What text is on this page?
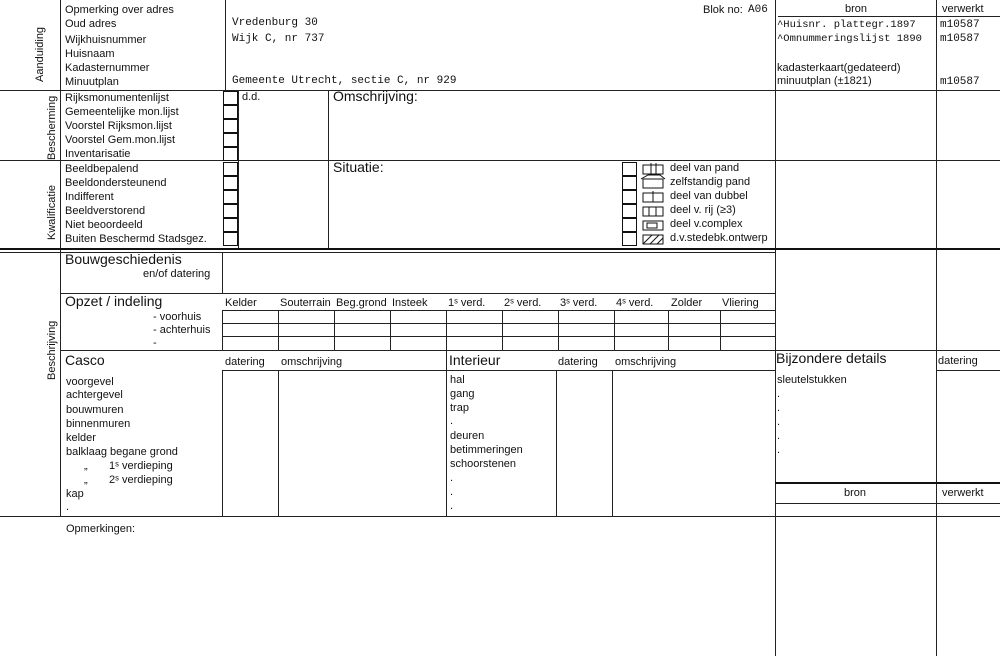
Blok no: A06	bron	verwerkt
^Huisnr. plattegr.1897 m10587
^Omnummeringslijst 1890 m10587
kadasterkaart(gedateerd)
minuutplan (±1821)	m10587
Aanduiding
Opmerking over adres
Oud adres
Wijkhuisnummer
Huisnaam
Kadasternummer
Minuutplan
Vredenburg 30
Wijk C, nr 737
Gemeente Utrecht, sectie C, nr 929
Bescherming Rijksmonumentenlijst
Gemeentelijke mon.lijst
Voorstel Rijksmon.lijst
Voorstel Gem.mon.lijst
Inventarisatie
d.d.	Omschrijving:
Kwalificatie
Beeldbepalend
Beeldondersteunend
Indifferent
Beeldverstorend
Niet beoordeeld
Buiten Beschermd Stadsgez.
Situatie:	deel van pand
zelfstandig pand
deel van dubbel
deel v. rij (≥3)
deel v.complex
d.v.stedebk.ontwerp
Beschrijving
Bouwgeschiedenis
en/of datering
Opzet / indeling	Kelder Souterrain Beg.grond Insteek 1ˢ verd. 2ˢ verd. 3ˢ verd. 4ˢ verd. Zolder Vliering
- voorhuis
- achterhuis
-
Casco	datering omschrijving
voorgevel
achtergevel
bouwmuren
binnenmuren
kelder
balklaag begane grond
„       1ˢ verdieping
„       2ˢ verdieping
kap
.
Interieur	datering omschrijving
hal
gang
trap
.
deuren
betimmeringen
schoorstenen
.
.
.
Bijzondere details	datering
sleutelstukken
.
.
.
.
.
bron	verwerkt
Opmerkingen:
